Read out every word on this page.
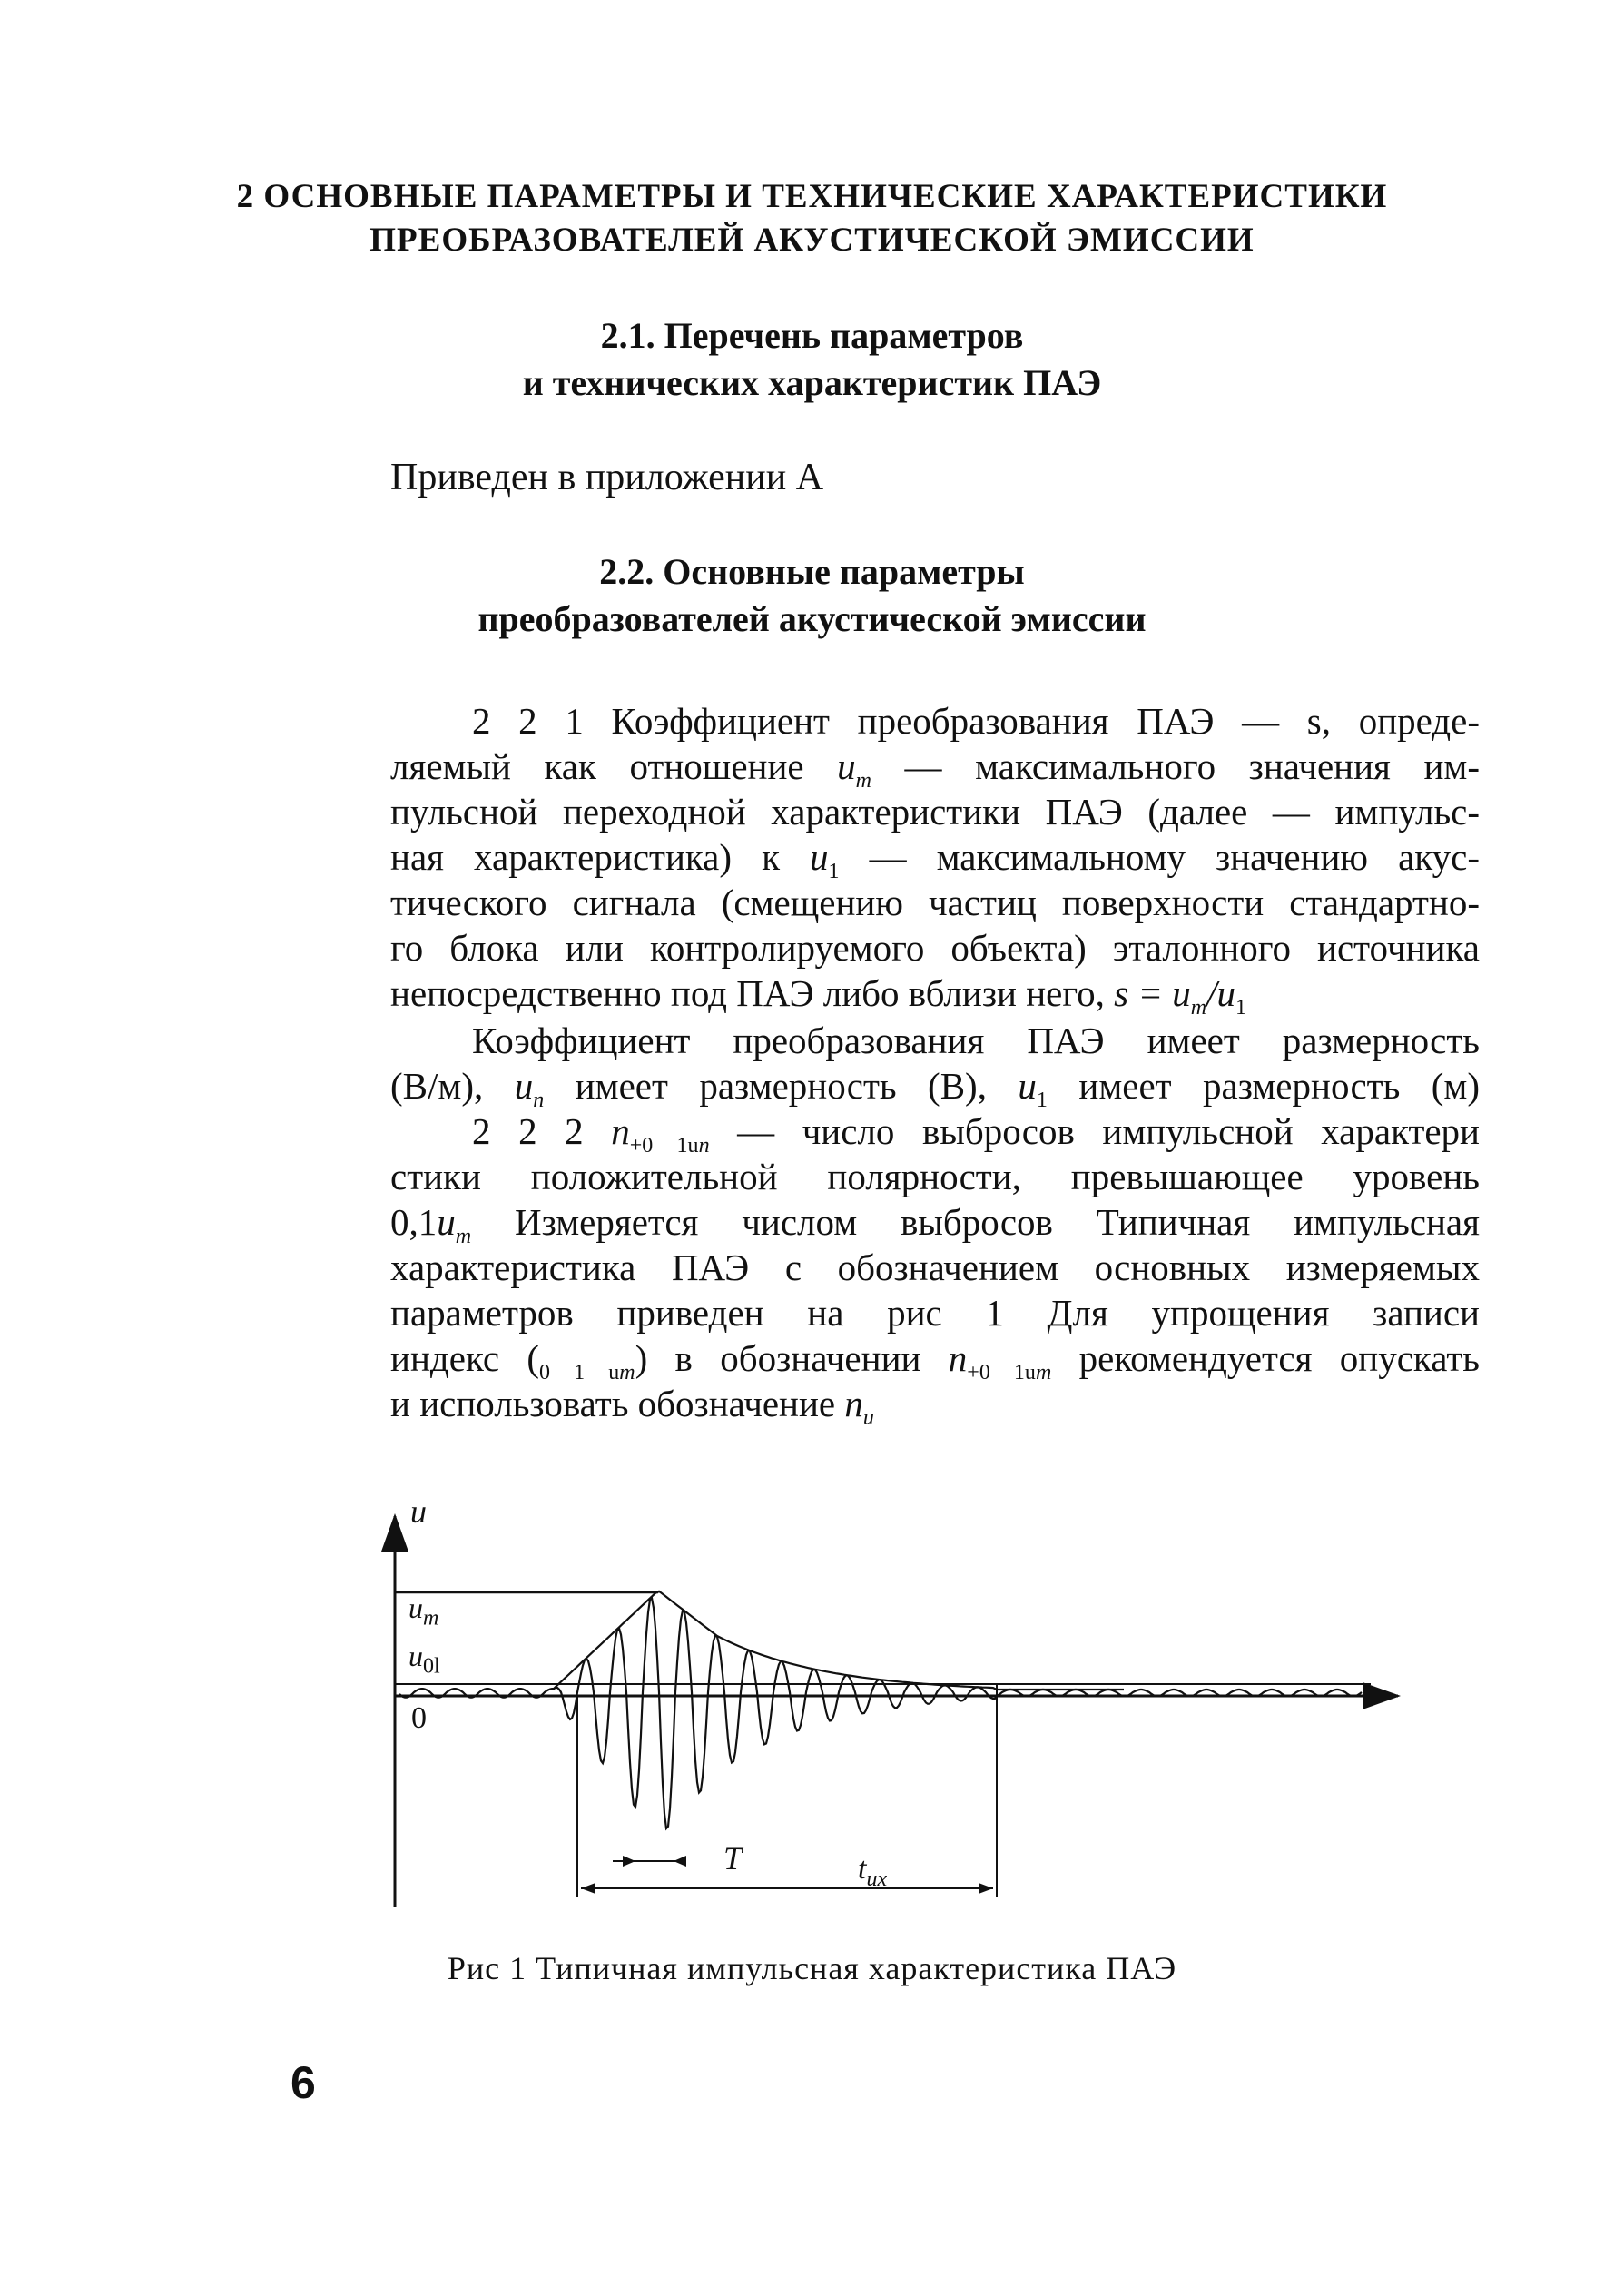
2 ОСНОВНЫЕ ПАРАМЕТРЫ И ТЕХНИЧЕСКИЕ ХАРАКТЕРИСТИКИ
ПРЕОБРАЗОВАТЕЛЕЙ АКУСТИЧЕСКОЙ ЭМИССИИ
2.1. Перечень параметров
и технических характеристик ПАЭ
Приведен в приложении А
2.2. Основные параметры
преобразователей акустической эмиссии
2 2 1 Коэффициент преобразования ПАЭ — s, опреде-
ляемый как отношение $u_m$ — максимального значения им-
пульсной переходной характеристики ПАЭ (далее — импульс-
ная характеристика) к $u_1$ — максимальному значению акус-
тического сигнала (смещению частиц поверхности стандартно-
го блока или контролируемого объекта) эталонного источника
непосредственно под ПАЭ либо вблизи него, $s = u_m/u_1$
Коэффициент преобразования ПАЭ имеет размерность
(В/м), $u_п$ имеет размерность (В), $u_1$ имеет размерность (м)
2 2 2 $n_{+0 1uп}$ — число выбросов импульсной характери
стики положительной полярности, превышающее уровень
$0,1u_m$ Измеряется числом выбросов Типичная импульсная
характеристика ПАЭ с обозначением основных измеряемых
параметров приведен на рис 1 Для упрощения записи
индекс $(_{0 1 um})$ в обозначении $n_{+0 1um}$ рекомендуется опускать
и использовать обозначение $n_u$
u
$u_m$
$u_{0l}$
0
T	$t_{их}$
Рис 1 Типичная импульсная характеристика ПАЭ
6
